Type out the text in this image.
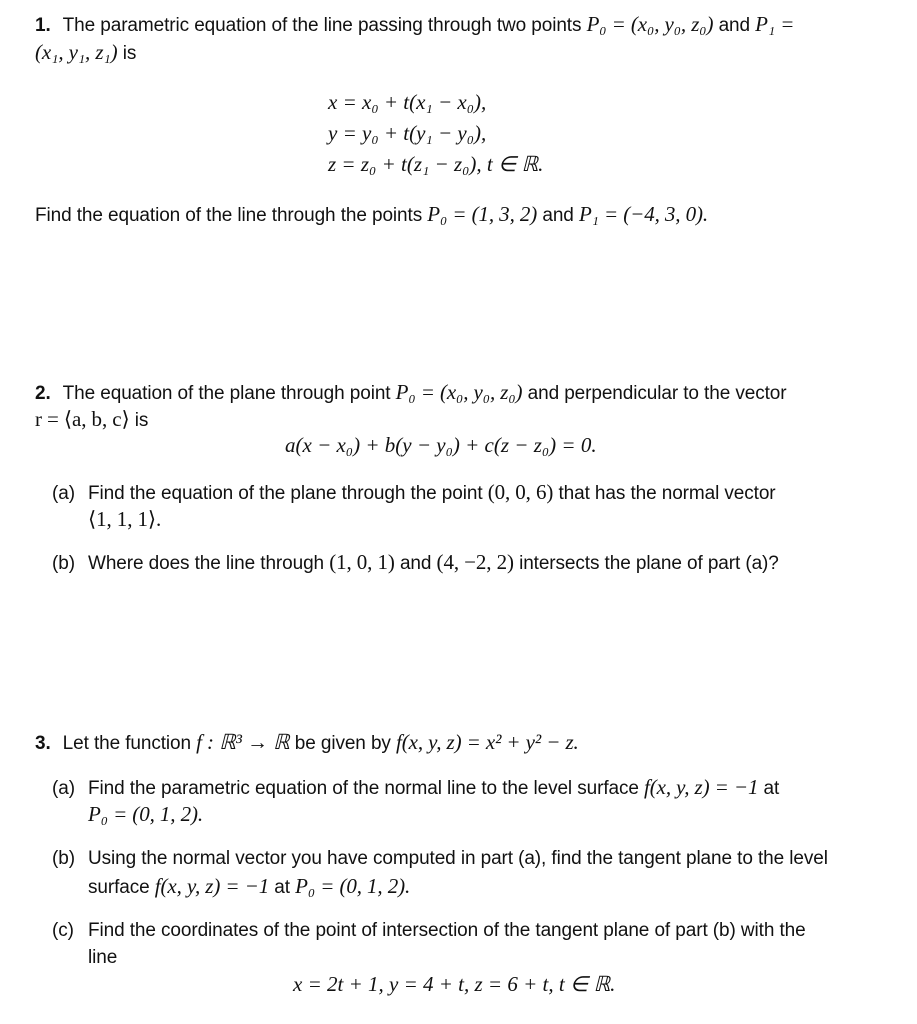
1. The parametric equation of the line passing through two points P₀ = (x₀, y₀, z₀) and P₁ =
(x₁, y₁, z₁) is
x = x₀ + t(x₁ − x₀),
y = y₀ + t(y₁ − y₀),
z = z₀ + t(z₁ − z₀), t ∈ ℝ.
Find the equation of the line through the points P₀ = (1, 3, 2) and P₁ = (−4, 3, 0).
2. The equation of the plane through point P₀ = (x₀, y₀, z₀) and perpendicular to the vector
r = ⟨a, b, c⟩ is
a(x − x₀) + b(y − y₀) + c(z − z₀) = 0.
(a) Find the equation of the plane through the point (0, 0, 6) that has the normal vector
⟨1, 1, 1⟩.
(b) Where does the line through (1, 0, 1) and (4, −2, 2) intersects the plane of part (a)?
3. Let the function f : ℝ³ → ℝ be given by f(x, y, z) = x² + y² − z.
(a) Find the parametric equation of the normal line to the level surface f(x, y, z) = −1 at
P₀ = (0, 1, 2).
(b) Using the normal vector you have computed in part (a), find the tangent plane to the level
surface f(x, y, z) = −1 at P₀ = (0, 1, 2).
(c) Find the coordinates of the point of intersection of the tangent plane of part (b) with the
line
x = 2t + 1, y = 4 + t, z = 6 + t, t ∈ ℝ.
